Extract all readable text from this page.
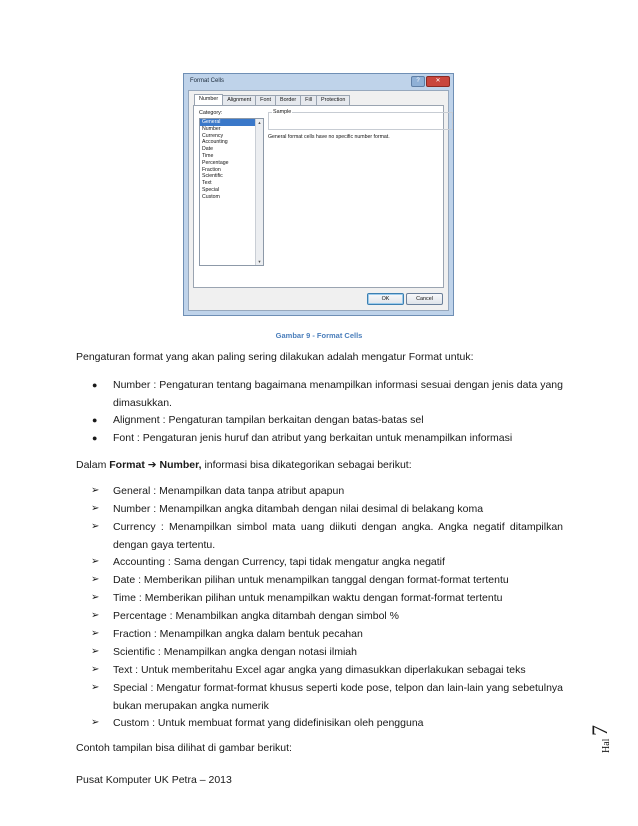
Format Cells	?	✕
Number	Alignment	Font	Border	Fill	Protection
Category:
General
Number
Currency
Accounting
Date
Time
Percentage
Fraction
Scientific
Text
Special
Custom
▲
▼
Sample
General format cells have no specific number format.
OK	Cancel
Gambar 9 - Format Cells
Pengaturan format yang akan paling sering dilakukan adalah mengatur Format untuk:
● Number : Pengaturan tentang bagaimana menampilkan informasi sesuai dengan jenis data yang dimasukkan.
● Alignment : Pengaturan tampilan berkaitan dengan batas-batas sel
● Font : Pengaturan jenis huruf dan atribut yang berkaitan untuk menampilkan informasi
Dalam Format ➔ Number, informasi bisa dikategorikan sebagai berikut:
➢ General : Menampilkan data tanpa atribut apapun
➢ Number : Menampilkan angka ditambah dengan nilai desimal di belakang koma
➢ Currency : Menampilkan simbol mata uang diikuti dengan angka. Angka negatif ditampilkan dengan gaya tertentu.
➢ Accounting : Sama dengan Currency, tapi tidak mengatur angka negatif
➢ Date : Memberikan pilihan untuk menampilkan tanggal dengan format-format tertentu
➢ Time : Memberikan pilihan untuk menampilkan waktu dengan format-format tertentu
➢ Percentage : Menambilkan angka ditambah dengan simbol %
➢ Fraction : Menampilkan angka dalam bentuk pecahan
➢ Scientific : Menampilkan angka dengan notasi ilmiah
➢ Text : Untuk memberitahu Excel agar angka yang dimasukkan diperlakukan sebagai teks
➢ Special : Mengatur format-format khusus seperti kode pose, telpon dan lain-lain yang sebetulnya bukan merupakan angka numerik
➢ Custom : Untuk membuat format yang didefinisikan oleh pengguna
Contoh tampilan bisa dilihat di gambar berikut:	Hal
7
Pusat Komputer UK Petra – 2013
